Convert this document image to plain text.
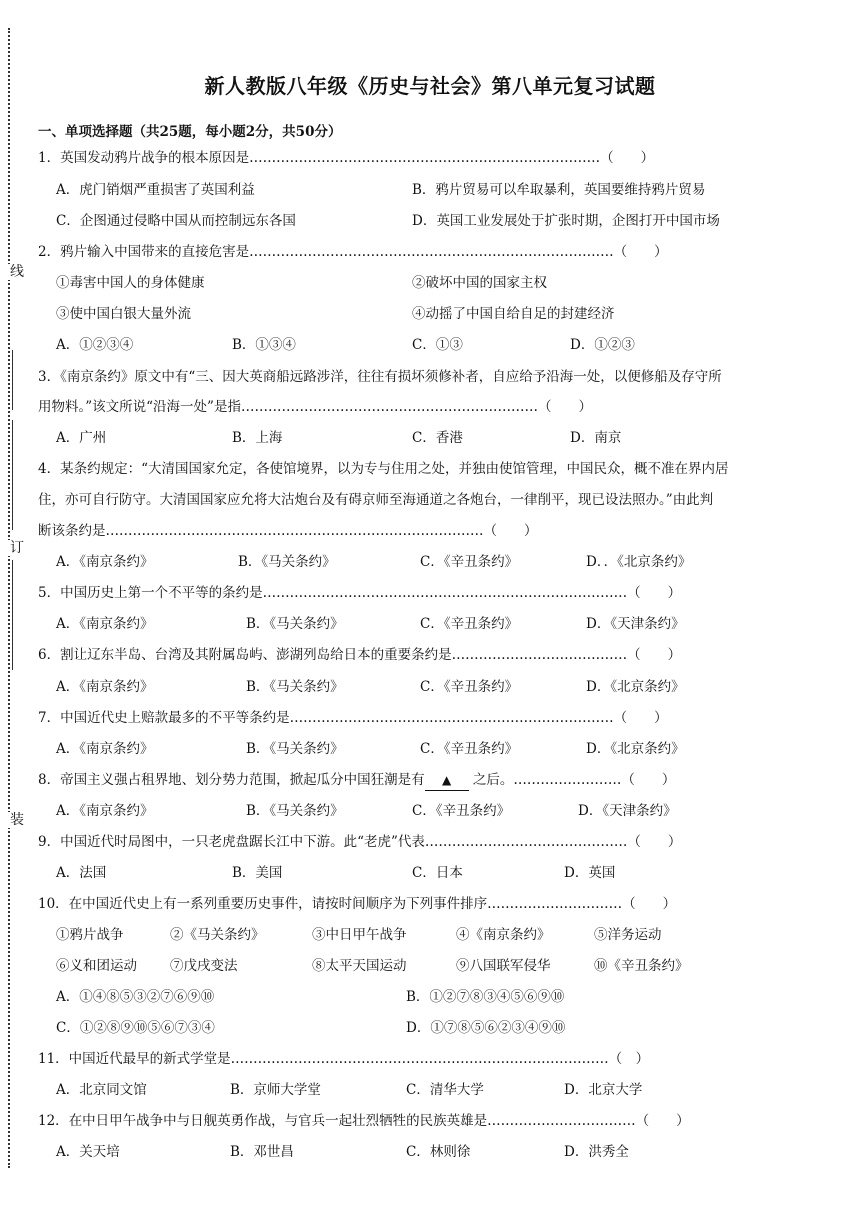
线
订
装
新人教版八年级《历史与社会》第八单元复习试题
一、单项选择题（共25题，每小题2分，共50分）
1．英国发动鸦片战争的根本原因是……………………………………………………………………（　　）
A．虎门销烟严重损害了英国利益	B．鸦片贸易可以牟取暴利，英国要维持鸦片贸易
C．企图通过侵略中国从而控制远东各国	D．英国工业发展处于扩张时期，企图打开中国市场
2．鸦片输入中国带来的直接危害是………………………………………………………………………（　　）
①毒害中国人的身体健康	②破坏中国的国家主权
③使中国白银大量外流	④动摇了中国自给自足的封建经济
A．①②③④	B．①③④	C．①③	D．①②③
3．《南京条约》原文中有“三、因大英商船远路涉洋，往往有损坏须修补者，自应给予沿海一处，以便修船及存守所
用物料。”该文所说“沿海一处”是指…………………………………………………………（　　）
A．广州	B．上海	C．香港	D．南京
4．某条约规定：“大清国国家允定，各使馆境界，以为专与住用之处，并独由使馆管理，中国民众，概不准在界内居
住，亦可自行防守。大清国国家应允将大沽炮台及有碍京师至海通道之各炮台，一律削平，现已设法照办。”由此判
断该条约是…………………………………………………………………………（　　）
A．《南京条约》	B．《马关条约》	C．《辛丑条约》	D．．《北京条约》
5．中国历史上第一个不平等的条约是………………………………………………………………………（　　）
A．《南京条约》	B．《马关条约》	C．《辛丑条约》	D．《天津条约》
6．割让辽东半岛、台湾及其附属岛屿、澎湖列岛给日本的重要条约是…………………………………（　　）
A．《南京条约》	B．《马关条约》	C．《辛丑条约》	D．《北京条约》
7．中国近代史上赔款最多的不平等条约是………………………………………………………………（　　）
A．《南京条约》	B．《马关条约》	C．《辛丑条约》	D．《北京条约》
8．帝国主义强占租界地、划分势力范围，掀起瓜分中国狂潮是有 ▲ 之后。……………………（　　）
A．《南京条约》	B．《马关条约》	C．《辛丑条约》	D．《天津条约》
9．中国近代时局图中，一只老虎盘踞长江中下游。此“老虎”代表………………………………………（　　）
A．法国	B．美国	C．日本	D．英国
10．在中国近代史上有一系列重要历史事件，请按时间顺序为下列事件排序…………………………（　　）
①鸦片战争	②《马关条约》	③中日甲午战争	④《南京条约》	⑤洋务运动
⑥义和团运动 ⑦戊戌变法	⑧太平天国运动	⑨八国联军侵华	⑩《辛丑条约》
A．①④⑧⑤③②⑦⑥⑨⑩	B．①②⑦⑧③④⑤⑥⑨⑩
C．①②⑧⑨⑩⑤⑥⑦③④	D．①⑦⑧⑤⑥②③④⑨⑩
11．中国近代最早的新式学堂是…………………………………………………………………………（　）
A．北京同文馆	B．京师大学堂	C．清华大学	D．北京大学
12．在中日甲午战争中与日舰英勇作战，与官兵一起壮烈牺牲的民族英雄是……………………………（　　）
A．关天培	B．邓世昌	C．林则徐	D．洪秀全
